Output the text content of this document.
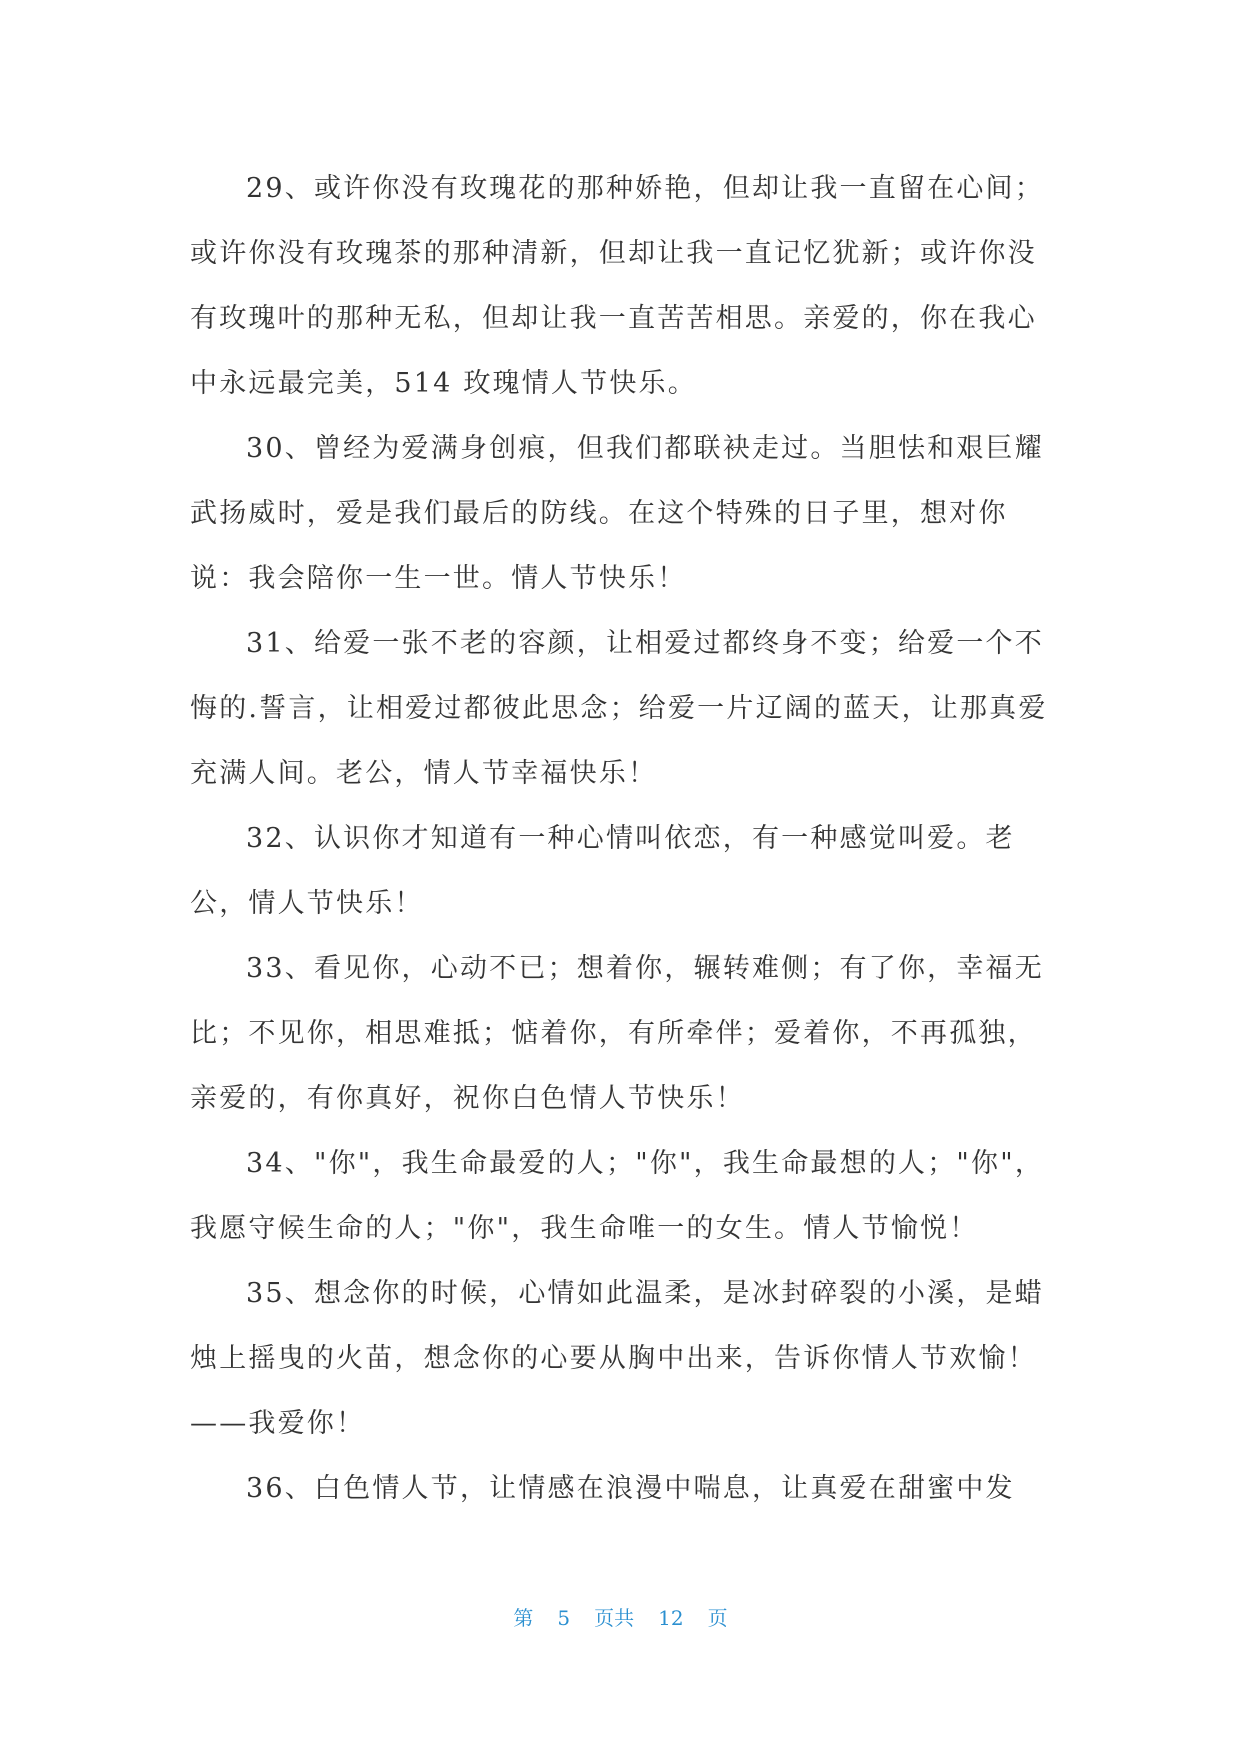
29、或许你没有玫瑰花的那种娇艳，但却让我一直留在心间；
或许你没有玫瑰茶的那种清新，但却让我一直记忆犹新；或许你没
有玫瑰叶的那种无私，但却让我一直苦苦相思。亲爱的，你在我心
中永远最完美，514 玫瑰情人节快乐。
30、曾经为爱满身创痕，但我们都联袂走过。当胆怯和艰巨耀
武扬威时，爱是我们最后的防线。在这个特殊的日子里，想对你
说：我会陪你一生一世。情人节快乐！
31、给爱一张不老的容颜，让相爱过都终身不变；给爱一个不
悔的.誓言，让相爱过都彼此思念；给爱一片辽阔的蓝天，让那真爱
充满人间。老公，情人节幸福快乐！
32、认识你才知道有一种心情叫依恋，有一种感觉叫爱。老
公，情人节快乐！
33、看见你，心动不已；想着你，辗转难侧；有了你，幸福无
比；不见你，相思难抵；惦着你，有所牵伴；爱着你，不再孤独，
亲爱的，有你真好，祝你白色情人节快乐！
34、"你"，我生命最爱的人；"你"，我生命最想的人；"你"，
我愿守候生命的人；"你"，我生命唯一的女生。情人节愉悦！
35、想念你的时候，心情如此温柔，是冰封碎裂的小溪，是蜡
烛上摇曳的火苗，想念你的心要从胸中出来，告诉你情人节欢愉！
——我爱你！
36、白色情人节，让情感在浪漫中喘息，让真爱在甜蜜中发
第 5 页共 12 页
